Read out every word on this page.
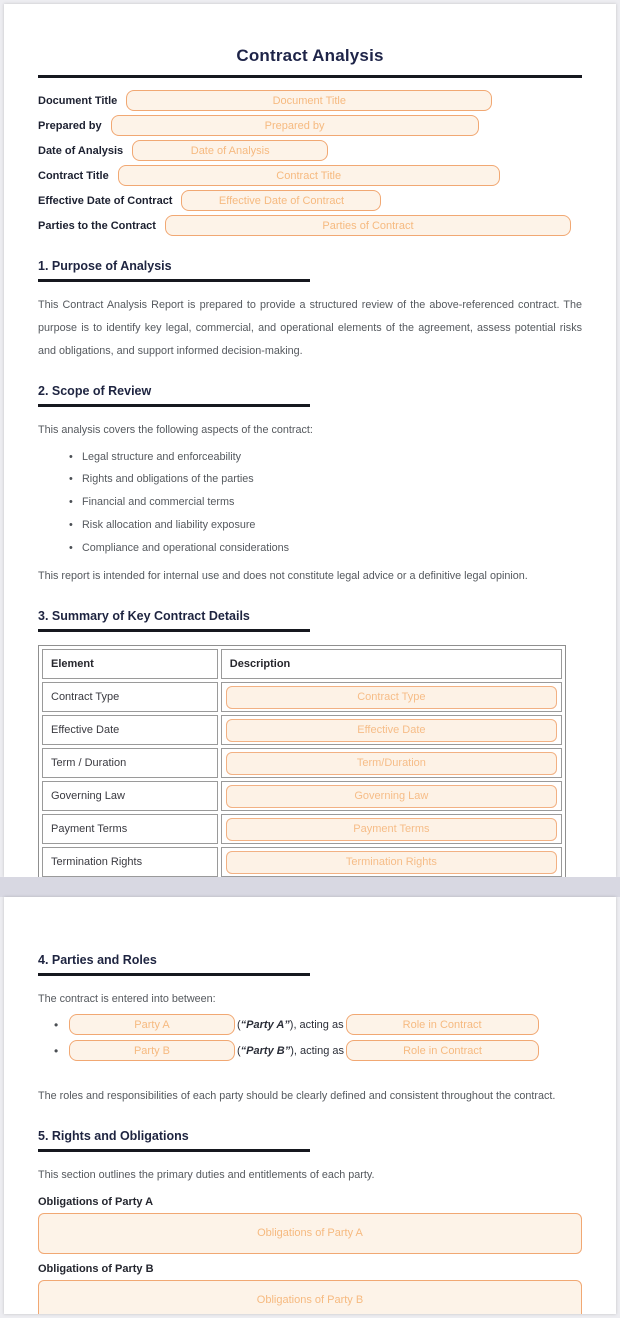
Contract Analysis
Document Title
Document Title
Prepared by
Prepared by
Date of Analysis
Date of Analysis
Contract Title
Contract Title
Effective Date of Contract
Effective Date of Contract
Parties to the Contract
Parties of Contract
1. Purpose of Analysis

This Contract Analysis Report is prepared to provide a structured review of the above-referenced contract. The purpose is to identify key legal, commercial, and operational elements of the agreement, assess potential risks and obligations, and support informed decision-making.

2. Scope of Review

This analysis covers the following aspects of the contract:

• Legal structure and enforceability
• Rights and obligations of the parties
• Financial and commercial terms
• Risk allocation and liability exposure
• Compliance and operational considerations

This report is intended for internal use and does not constitute legal advice or a definitive legal opinion.

3. Summary of Key Contract Details
Element	Description
Contract Type	Contract Type
Effective Date	Effective Date
Term / Duration	Term/Duration
Governing Law	Governing Law
Payment Terms	Payment Terms
Termination Rights	Termination Rights
4. Parties and Roles

The contract is entered into between:

•
Party A	(“Party A”), acting as
Role in Contract
•
Party B	(“Party B”), acting as
Role in Contract

The roles and responsibilities of each party should be clearly defined and consistent throughout the contract.

5. Rights and Obligations

This section outlines the primary duties and entitlements of each party.

Obligations of Party A
Obligations of Party A
Obligations of Party B
Obligations of Party B
